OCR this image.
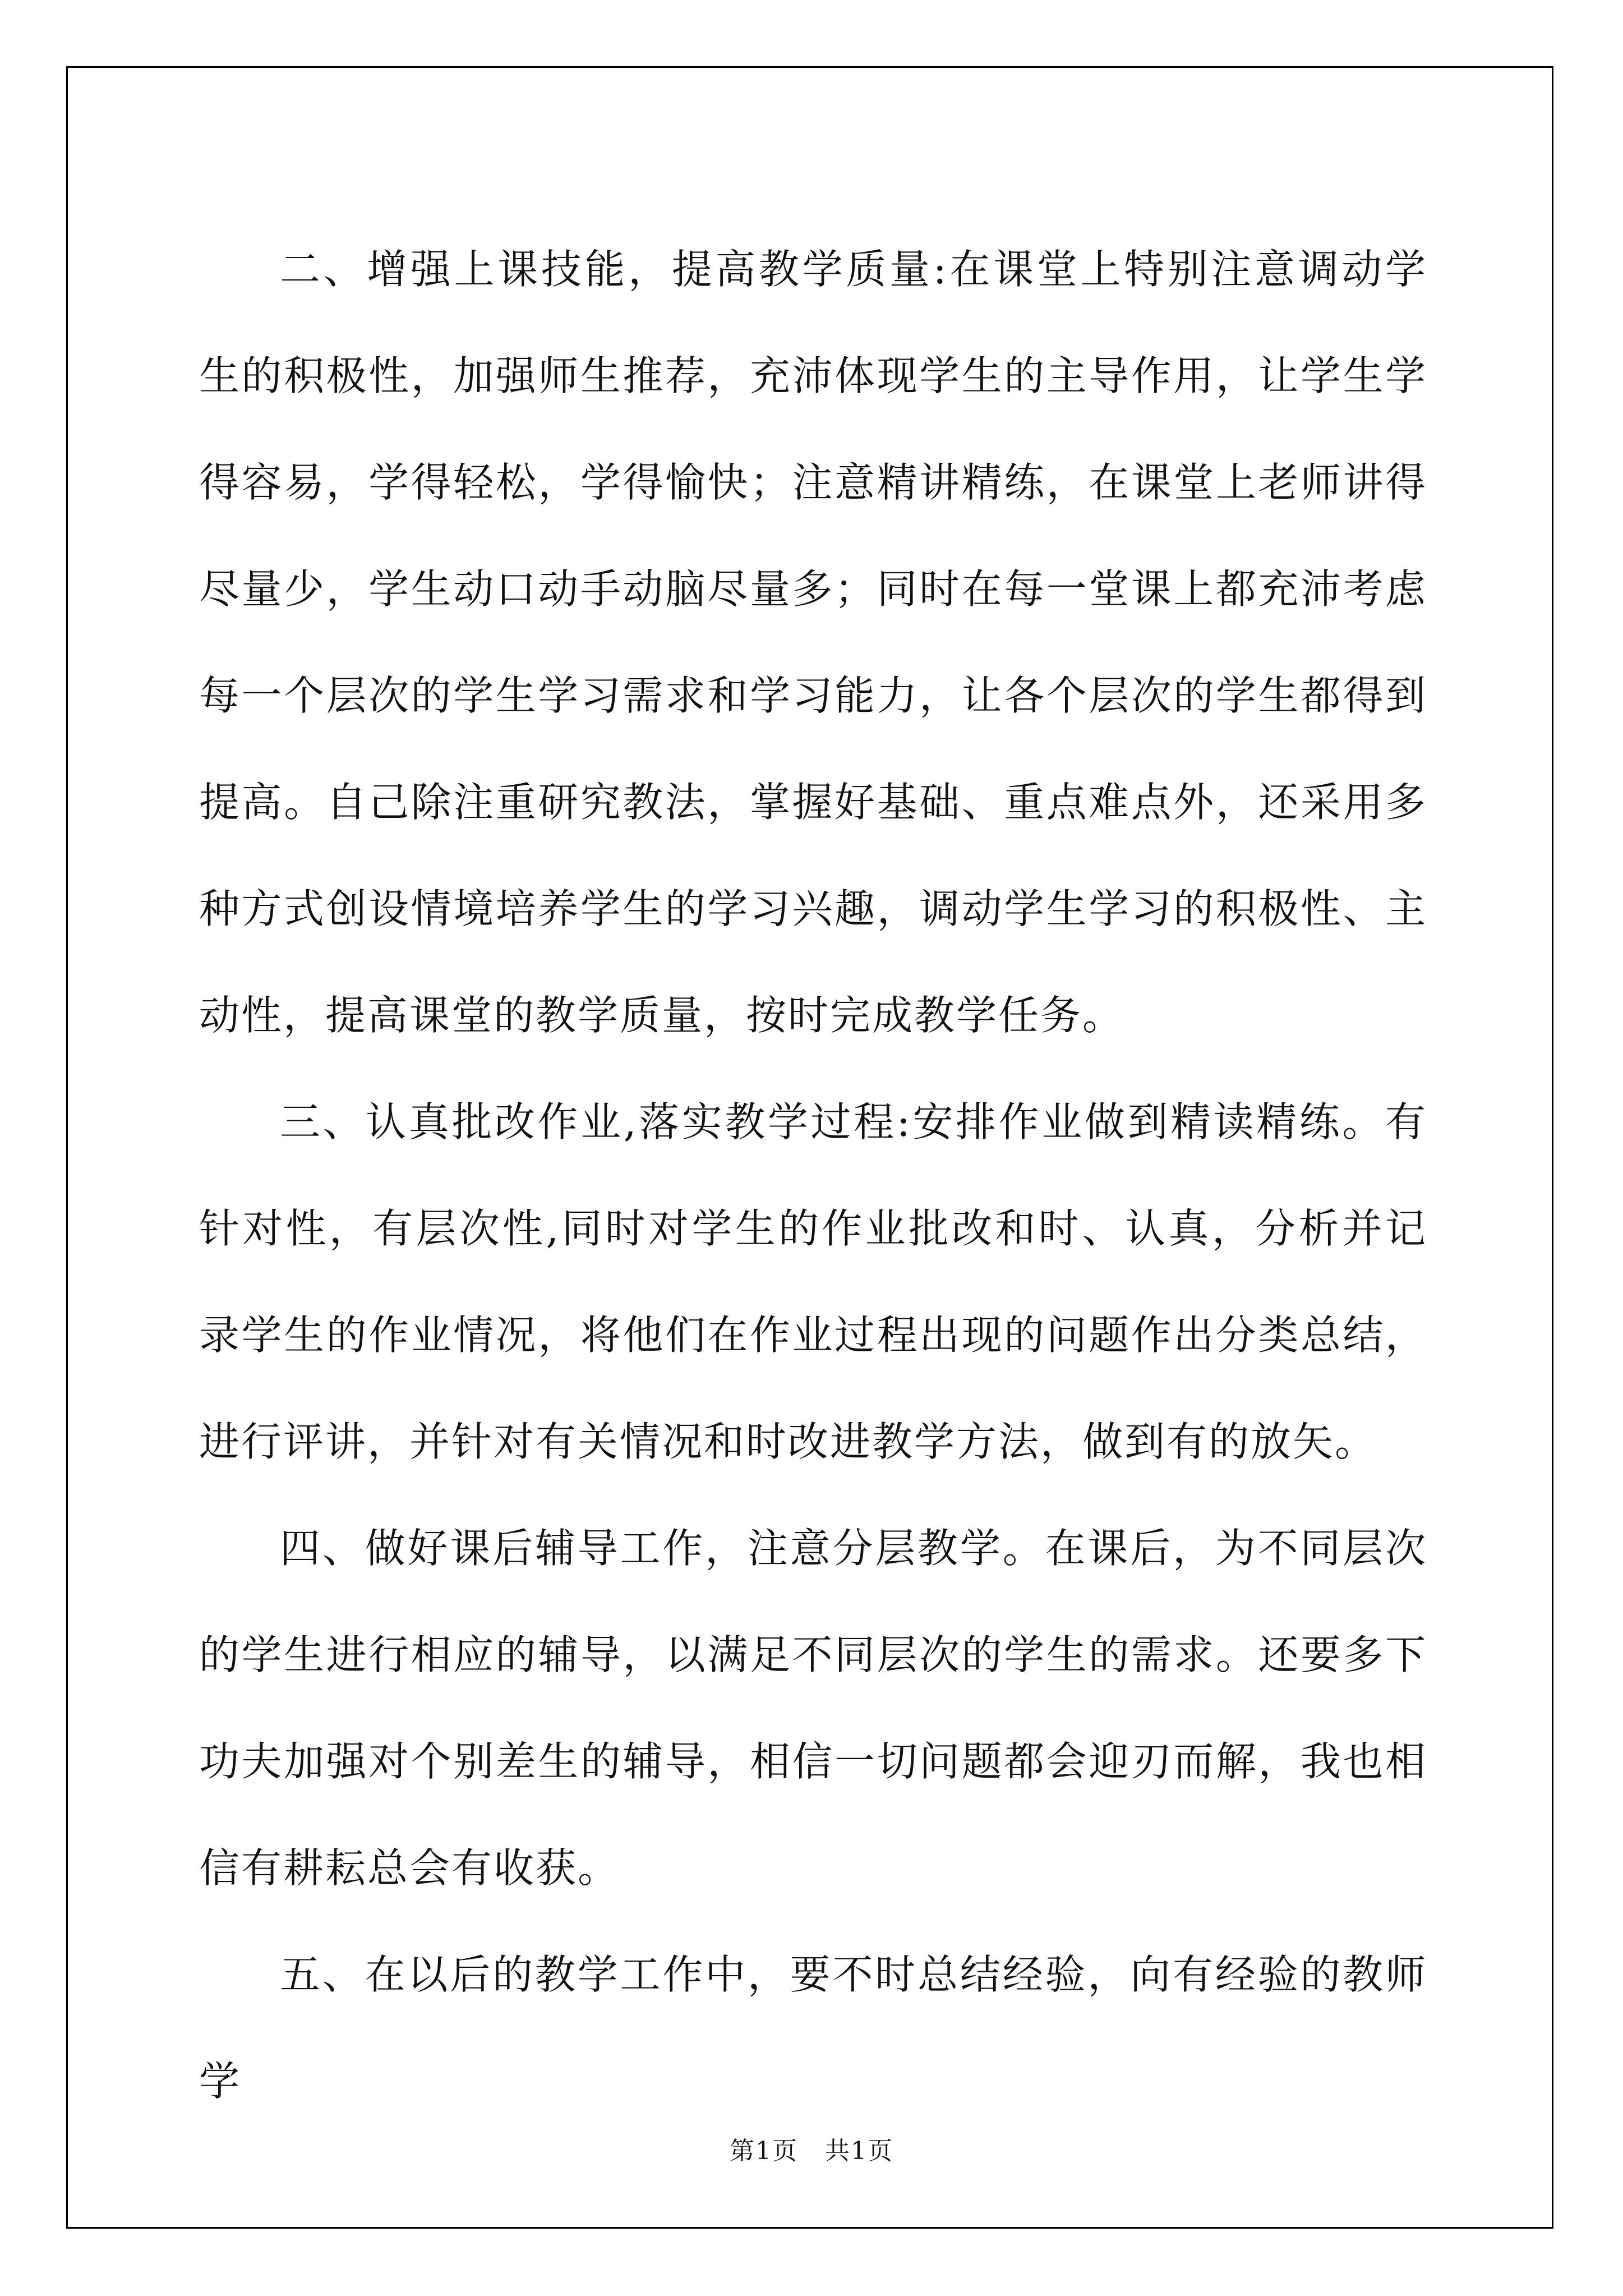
二、增强上课技能，提高教学质量:在课堂上特别注意调动学生的积极性，加强师生推荐，充沛体现学生的主导作用，让学生学得容易，学得轻松，学得愉快；注意精讲精练，在课堂上老师讲得尽量少，学生动口动手动脑尽量多；同时在每一堂课上都充沛考虑每一个层次的学生学习需求和学习能力，让各个层次的学生都得到提高。自己除注重研究教法，掌握好基础、重点难点外，还采用多种方式创设情境培养学生的学习兴趣，调动学生学习的积极性、主动性，提高课堂的教学质量，按时完成教学任务。

三、认真批改作业,落实教学过程:安排作业做到精读精练。有针对性，有层次性,同时对学生的作业批改和时、认真，分析并记录学生的作业情况，将他们在作业过程出现的问题作出分类总结，进行评讲，并针对有关情况和时改进教学方法，做到有的放矢。

四、做好课后辅导工作，注意分层教学。在课后，为不同层次的学生进行相应的辅导，以满足不同层次的学生的需求。还要多下功夫加强对个别差生的辅导，相信一切问题都会迎刃而解，我也相信有耕耘总会有收获。

五、在以后的教学工作中，要不时总结经验，向有经验的教师学

第1页 共1页
